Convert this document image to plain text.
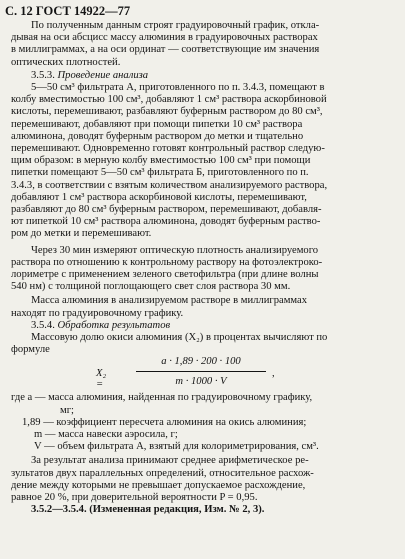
С. 12 ГОСТ 14922—77
По полученным данным строят градуировочный график, откла-
дывая на оси абсцисс массу алюминия в градуировочных растворах
в миллиграммах, а на оси ординат — соответствующие им значения
оптических плотностей.
3.5.3. Проведение анализа
5—50 см³ фильтрата А, приготовленного по п. 3.4.3, помещают в
колбу вместимостью 100 см³, добавляют 1 см³ раствора аскорбиновой
кислоты, перемешивают, разбавляют буферным раствором до 80 см³,
перемешивают, добавляют при помощи пипетки 10 см³ раствора
алюминона, доводят буферным раствором до метки и тщательно
перемешивают. Одновременно готовят контрольный раствор следую-
щим образом: в мерную колбу вместимостью 100 см³ при помощи
пипетки помещают 5—50 см³ фильтрата Б, приготовленного по п.
3.4.3, в соответствии с взятым количеством анализируемого раствора,
добавляют 1 см³ раствора аскорбиновой кислоты, перемешивают,
разбавляют до 80 см³ буферным раствором, перемешивают, добавля-
ют пипеткой 10 см³ раствора алюминона, доводят буферным раство-
ром до метки и перемешивают.
Через 30 мин измеряют оптическую плотность анализируемого
раствора по отношению к контрольному раствору на фотоэлектроко-
лориметре с применением зеленого светофильтра (при длине волны
540 нм) с толщиной поглощающего свет слоя раствора 30 мм.
Масса алюминия в анализируемом растворе в миллиграммах
находят по градуировочному графику.
3.5.4. Обработка результатов
Массовую долю окиси алюминия (X₂) в процентах вычисляют по
формуле
X₂ =
a · 1,89 · 200 · 100
m · 1000 · V
,
где a — масса алюминия, найденная по градуировочному графику,
мг;
1,89 — коэффициент пересчета алюминия на окись алюминия;
m — масса навески аэросила, г;
V — объем фильтрата А, взятый для колориметрирования, см³.
За результат анализа принимают среднее арифметическое ре-
зультатов двух параллельных определений, относительное расхож-
дение между которыми не превышает допускаемое расхождение,
равное 20 %, при доверительной вероятности P = 0,95.
3.5.2—3.5.4. (Измененная редакция, Изм. № 2, 3).
